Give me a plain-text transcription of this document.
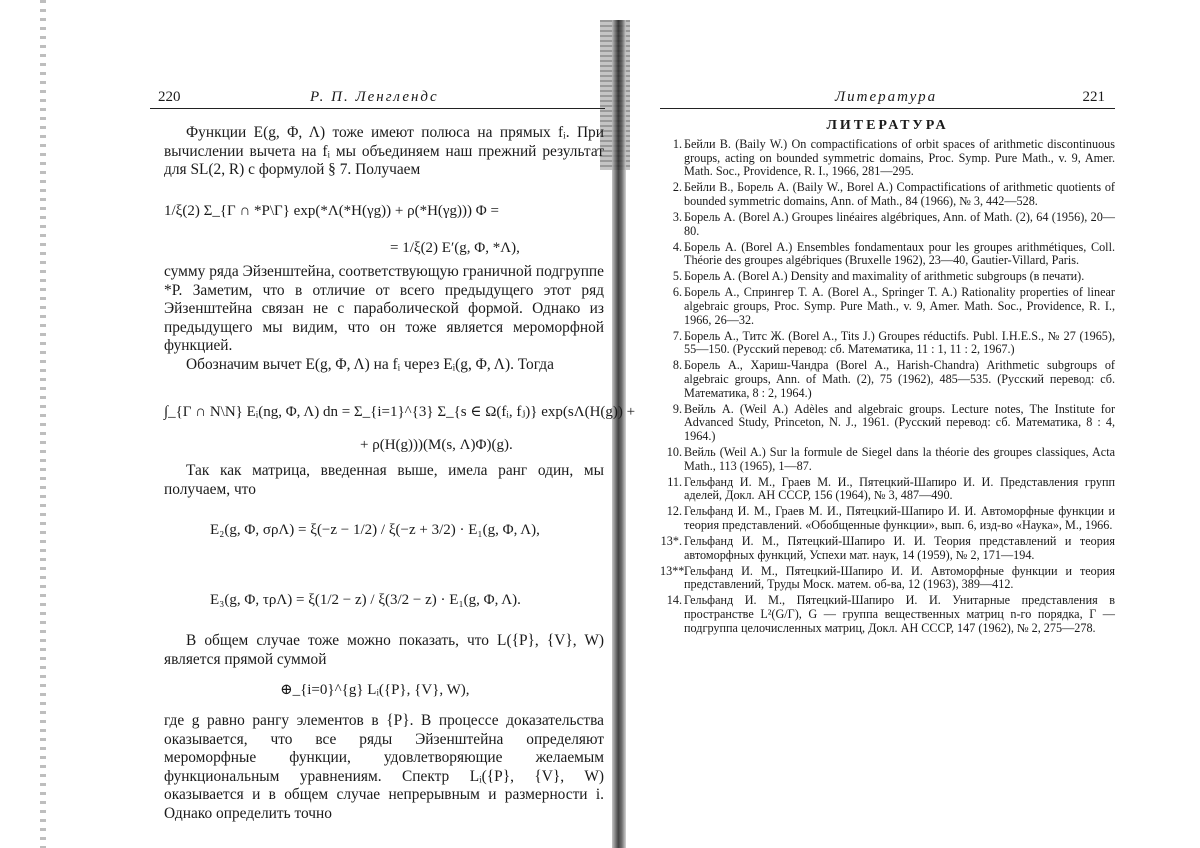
220	Р. П. Ленглендс
Функции E(g, Φ, Λ) тоже имеют полюса на прямых fᵢ. При вычислении вычета на fᵢ мы объединяем наш прежний результат для SL(2, R) с формулой § 7. Получаем
1/ξ(2) Σ_{Γ ∩ *P\Γ} exp(*Λ(*H(γg)) + ρ(*H(γg))) Φ =
= 1/ξ(2) E′(g, Φ, *Λ),
сумму ряда Эйзенштейна, соответствующую граничной подгруппе *P. Заметим, что в отличие от всего предыдущего этот ряд Эйзенштейна связан не с параболической формой. Однако из предыдущего мы видим, что он тоже является мероморфной функцией.
Обозначим вычет E(g, Φ, Λ) на fᵢ через Eᵢ(g, Φ, Λ). Тогда
∫_{Γ ∩ N\N} Eᵢ(ng, Φ, Λ) dn = Σ_{i=1}^{3} Σ_{s ∈ Ω(fᵢ, fⱼ)} exp(sΛ(H(g)) +
+ ρ(H(g)))(M(s, Λ)Φ)(g).
Так как матрица, введенная выше, имела ранг один, мы получаем, что
E₂(g, Φ, σρΛ) = ξ(−z − 1/2) / ξ(−z + 3/2) · E₁(g, Φ, Λ),
E₃(g, Φ, τρΛ) = ξ(1/2 − z) / ξ(3/2 − z) · E₁(g, Φ, Λ).
В общем случае тоже можно показать, что L({P}, {V}, W) является прямой суммой
⊕_{i=0}^{g} Lᵢ({P}, {V}, W),
где g равно рангу элементов в {P}. В процессе доказательства оказывается, что все ряды Эйзенштейна определяют мероморфные функции, удовлетворяющие желаемым функциональным уравнениям. Спектр Lᵢ({P}, {V}, W) оказывается и в общем случае непрерывным и размерности i. Однако определить точно
Литература	221
ЛИТЕРАТУРА
1. Бейли В. (Baily W.) On compactifications of orbit spaces of arithmetic discontinuous groups, acting on bounded symmetric domains, Proc. Symp. Pure Math., v. 9, Amer. Math. Soc., Providence, R. I., 1966, 281—295.
2. Бейли В., Борель А. (Baily W., Borel A.) Compactifications of arithmetic quotients of bounded symmetric domains, Ann. of Math., 84 (1966), № 3, 442—528.
3. Борель А. (Borel A.) Groupes linéaires algébriques, Ann. of Math. (2), 64 (1956), 20—80.
4. Борель А. (Borel A.) Ensembles fondamentaux pour les groupes arithmétiques, Coll. Théorie des groupes algébriques (Bruxelle 1962), 23—40, Gautier-Villard, Paris.
5. Борель А. (Borel A.) Density and maximality of arithmetic subgroups (в печати).
6. Борель А., Спрингер Т. А. (Borel A., Springer T. A.) Rationality properties of linear algebraic groups, Proc. Symp. Pure Math., v. 9, Amer. Math. Soc., Providence, R. I., 1966, 26—32.
7. Борель А., Титс Ж. (Borel A., Tits J.) Groupes réductifs. Publ. I.H.E.S., № 27 (1965), 55—150. (Русский перевод: сб. Математика, 11 : 1, 11 : 2, 1967.)
8. Борель А., Хариш-Чандра (Borel A., Harish-Chandra) Arithmetic subgroups of algebraic groups, Ann. of Math. (2), 75 (1962), 485—535. (Русский перевод: сб. Математика, 8 : 2, 1964.)
9. Вейль А. (Weil A.) Adèles and algebraic groups. Lecture notes, The Institute for Advanced Study, Princeton, N. J., 1961. (Русский перевод: сб. Математика, 8 : 4, 1964.)
10. Вейль (Weil A.) Sur la formule de Siegel dans la théorie des groupes classiques, Acta Math., 113 (1965), 1—87.
11. Гельфанд И. М., Граев М. И., Пятецкий-Шапиро И. И. Представления групп аделей, Докл. АН СССР, 156 (1964), № 3, 487—490.
12. Гельфанд И. М., Граев М. И., Пятецкий-Шапиро И. И. Автоморфные функции и теория представлений. «Обобщенные функции», вып. 6, изд-во «Наука», М., 1966.
13*. Гельфанд И. М., Пятецкий-Шапиро И. И. Теория представлений и теория автоморфных функций, Успехи мат. наук, 14 (1959), № 2, 171—194.
13**.
Гельфанд И. М., Пятецкий-Шапиро И. И. Автоморфные функции и теория представлений, Труды Моск. матем. об-ва, 12 (1963), 389—412.
14. Гельфанд И. М., Пятецкий-Шапиро И. И. Унитарные представления в пространстве L²(G/Γ), G — группа вещественных матриц n-го порядка, Γ — подгруппа целочисленных матриц, Докл. АН СССР, 147 (1962), № 2, 275—278.
